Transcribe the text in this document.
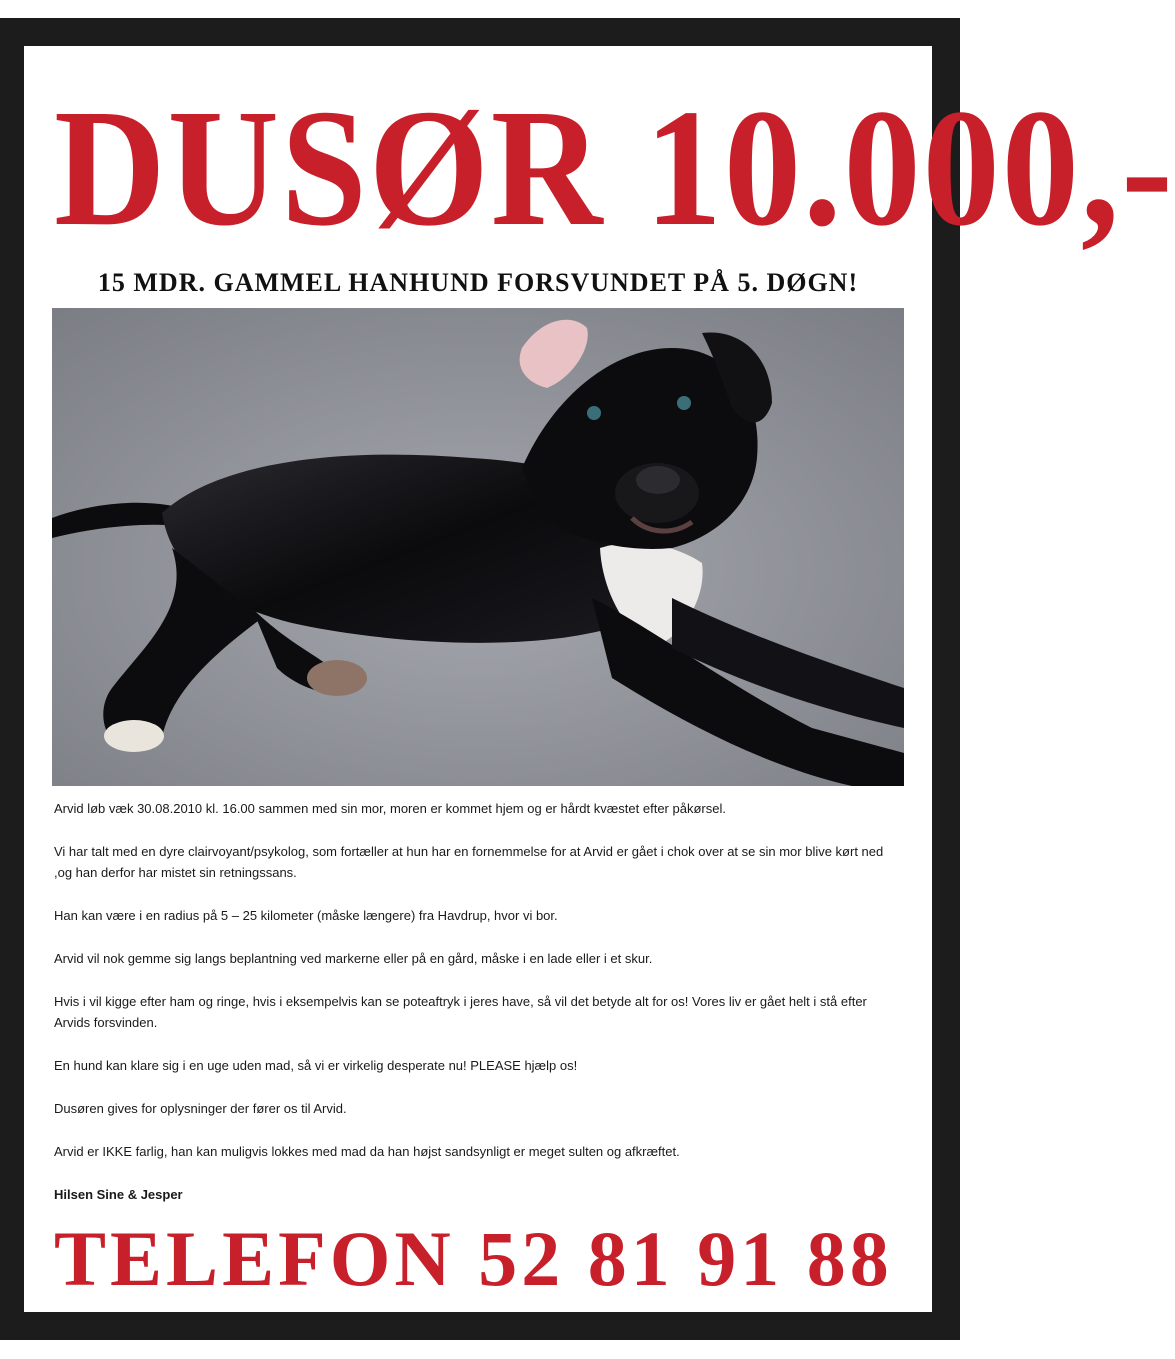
DUSØR 10.000,-
15 MDR. GAMMEL HANHUND FORSVUNDET PÅ 5. DØGN!

Arvid løb væk 30.08.2010 kl. 16.00 sammen med sin mor, moren er kommet hjem og er hårdt kvæstet efter påkørsel.

Vi har talt med en dyre clairvoyant/psykolog, som fortæller at hun har en fornemmelse for at Arvid er gået i chok over at se sin mor blive kørt ned ,og han derfor har mistet sin retningssans.

Han kan være i en radius på 5 – 25 kilometer (måske længere) fra Havdrup, hvor vi bor.

Arvid vil nok gemme sig langs beplantning ved markerne eller på en gård, måske i en lade eller i et skur.

Hvis i vil kigge efter ham og ringe, hvis i eksempelvis kan se poteaftryk i jeres have, så vil det betyde alt for os! Vores liv er gået helt i stå efter Arvids forsvinden.

En hund kan klare sig i en uge uden mad, så vi er virkelig desperate nu! PLEASE hjælp os!

Dusøren gives for oplysninger der fører os til Arvid.

Arvid er IKKE farlig, han kan muligvis lokkes med mad da han højst sandsynligt er meget sulten og afkræftet.

Hilsen Sine & Jesper

TELEFON 52 81 91 88
